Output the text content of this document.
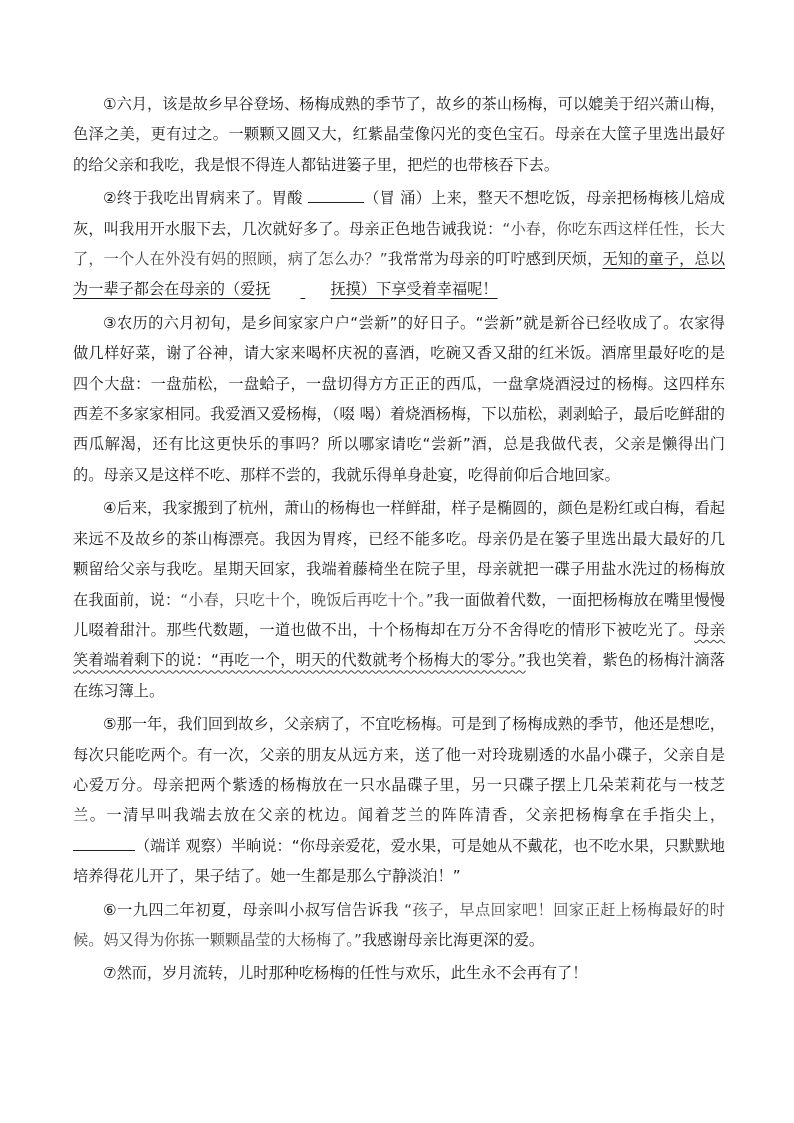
①六月，该是故乡早谷登场、杨梅成熟的季节了，故乡的茶山杨梅，可以媲美于绍兴萧山梅，色泽之美，更有过之。一颗颗又圆又大，红紫晶莹像闪光的变色宝石。母亲在大筐子里选出最好的给父亲和我吃，我是恨不得连人都钻进篓子里，把烂的也带核吞下去。

②终于我吃出胃病来了。胃酸	（冒 涌）上来，整天不想吃饭，母亲把杨梅核儿焙成灰，叫我用开水服下去，几次就好多了。母亲正色地告诫我说：“小春，你吃东西这样任性，长大了，一个人在外没有妈的照顾，病了怎么办？”我常常为母亲的叮咛感到厌烦，无知的童子，总以为一辈子都会在母亲的（爱抚	抚摸）下享受着幸福呢！

③农历的六月初旬，是乡间家家户户“尝新”的好日子。“尝新”就是新谷已经收成了。农家得做几样好菜，谢了谷神，请大家来喝杯庆祝的喜酒，吃碗又香又甜的红米饭。酒席里最好吃的是四个大盘：一盘茄松，一盘蛤子，一盘切得方方正正的西瓜，一盘拿烧酒浸过的杨梅。这四样东西差不多家家相同。我爱酒又爱杨梅，（啜 喝）着烧酒杨梅，下以茄松，剥剥蛤子，最后吃鲜甜的西瓜解渴，还有比这更快乐的事吗？所以哪家请吃“尝新”酒，总是我做代表，父亲是懒得出门的。母亲又是这样不吃、那样不尝的，我就乐得单身赴宴，吃得前仰后合地回家。

④后来，我家搬到了杭州，萧山的杨梅也一样鲜甜，样子是椭圆的，颜色是粉红或白梅，看起来远不及故乡的茶山梅漂亮。我因为胃疼，已经不能多吃。母亲仍是在篓子里选出最大最好的几颗留给父亲与我吃。星期天回家，我端着藤椅坐在院子里，母亲就把一碟子用盐水洗过的杨梅放在我面前，说：“小春，只吃十个，晚饭后再吃十个。”我一面做着代数，一面把杨梅放在嘴里慢慢儿啜着甜汁。那些代数题，一道也做不出，十个杨梅却在万分不舍得吃的情形下被吃光了。母亲笑着端着剩下的说：“再吃一个，明天的代数就考个杨梅大的零分。”我也笑着，紫色的杨梅汁滴落在练习簿上。

⑤那一年，我们回到故乡，父亲病了，不宜吃杨梅。可是到了杨梅成熟的季节，他还是想吃，每次只能吃两个。有一次，父亲的朋友从远方来，送了他一对玲珑剔透的水晶小碟子，父亲自是心爱万分。母亲把两个紫透的杨梅放在一只水晶碟子里，另一只碟子摆上几朵茉莉花与一枝芝兰。一清早叫我端去放在父亲的枕边。闻着芝兰的阵阵清香，父亲把杨梅拿在手指尖上，（端详 观察）半晌说：“你母亲爱花，爱水果，可是她从不戴花，也不吃水果，只默默地培养得花儿开了，果子结了。她一生都是那么宁静淡泊！”

⑥一九四二年初夏，母亲叫小叔写信告诉我 “孩子，早点回家吧！回家正赶上杨梅最好的时候。妈又得为你拣一颗颗晶莹的大杨梅了。”我感谢母亲比海更深的爱。

⑦然而，岁月流转，儿时那种吃杨梅的任性与欢乐，此生永不会再有了！
